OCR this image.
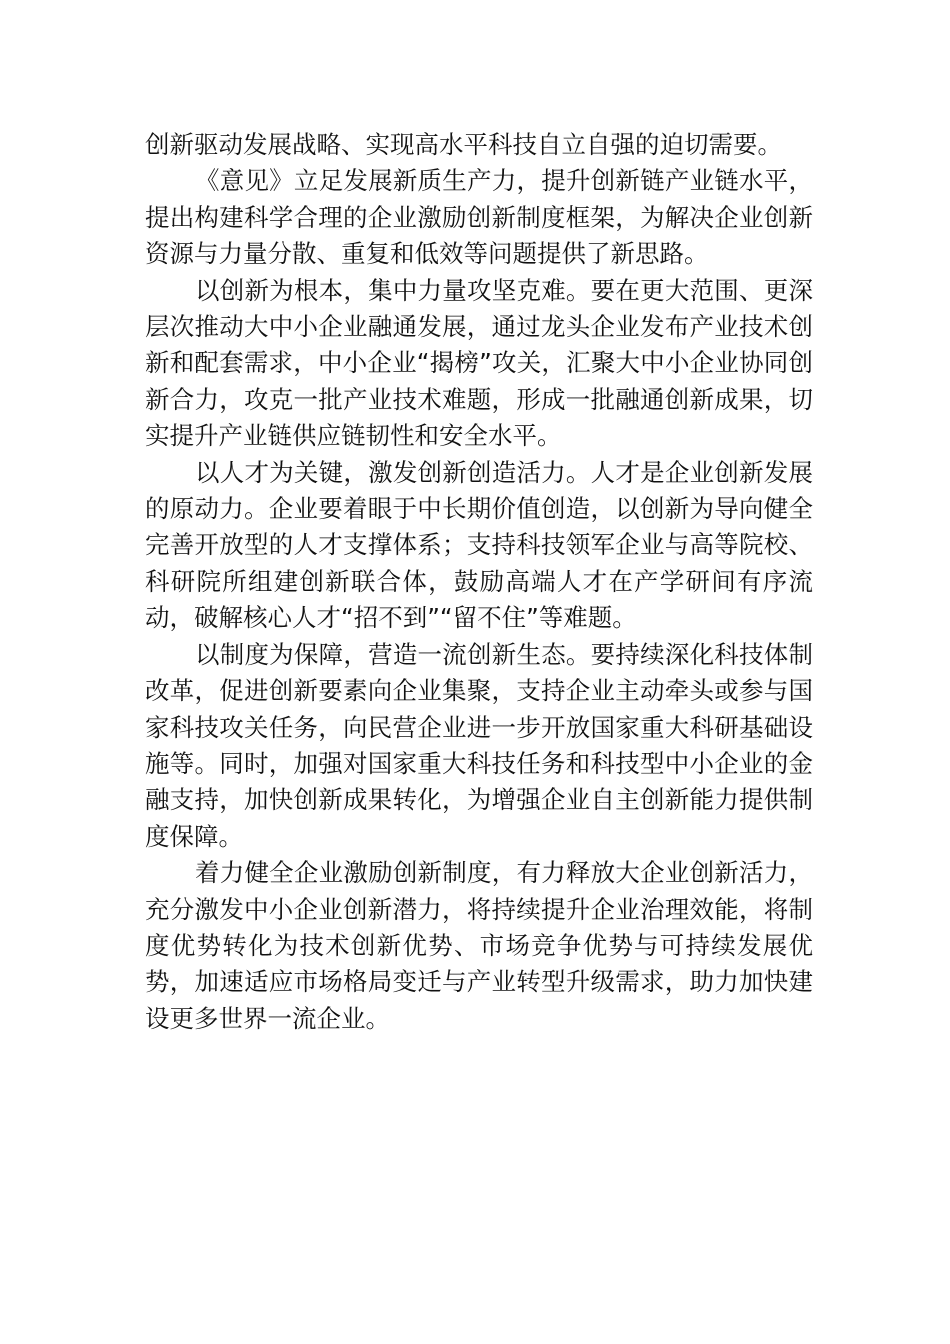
创新驱动发展战略、实现高水平科技自立自强的迫切需要。

《意见》立足发展新质生产力，提升创新链产业链水平，提出构建科学合理的企业激励创新制度框架，为解决企业创新资源与力量分散、重复和低效等问题提供了新思路。

以创新为根本，集中力量攻坚克难。要在更大范围、更深层次推动大中小企业融通发展，通过龙头企业发布产业技术创新和配套需求，中小企业“揭榜”攻关，汇聚大中小企业协同创新合力，攻克一批产业技术难题，形成一批融通创新成果，切实提升产业链供应链韧性和安全水平。

以人才为关键，激发创新创造活力。人才是企业创新发展的原动力。企业要着眼于中长期价值创造，以创新为导向健全完善开放型的人才支撑体系；支持科技领军企业与高等院校、科研院所组建创新联合体，鼓励高端人才在产学研间有序流动，破解核心人才“招不到”“留不住”等难题。

以制度为保障，营造一流创新生态。要持续深化科技体制改革，促进创新要素向企业集聚，支持企业主动牵头或参与国家科技攻关任务，向民营企业进一步开放国家重大科研基础设施等。同时，加强对国家重大科技任务和科技型中小企业的金融支持，加快创新成果转化，为增强企业自主创新能力提供制度保障。

着力健全企业激励创新制度，有力释放大企业创新活力，充分激发中小企业创新潜力，将持续提升企业治理效能，将制度优势转化为技术创新优势、市场竞争优势与可持续发展优势，加速适应市场格局变迁与产业转型升级需求，助力加快建设更多世界一流企业。
